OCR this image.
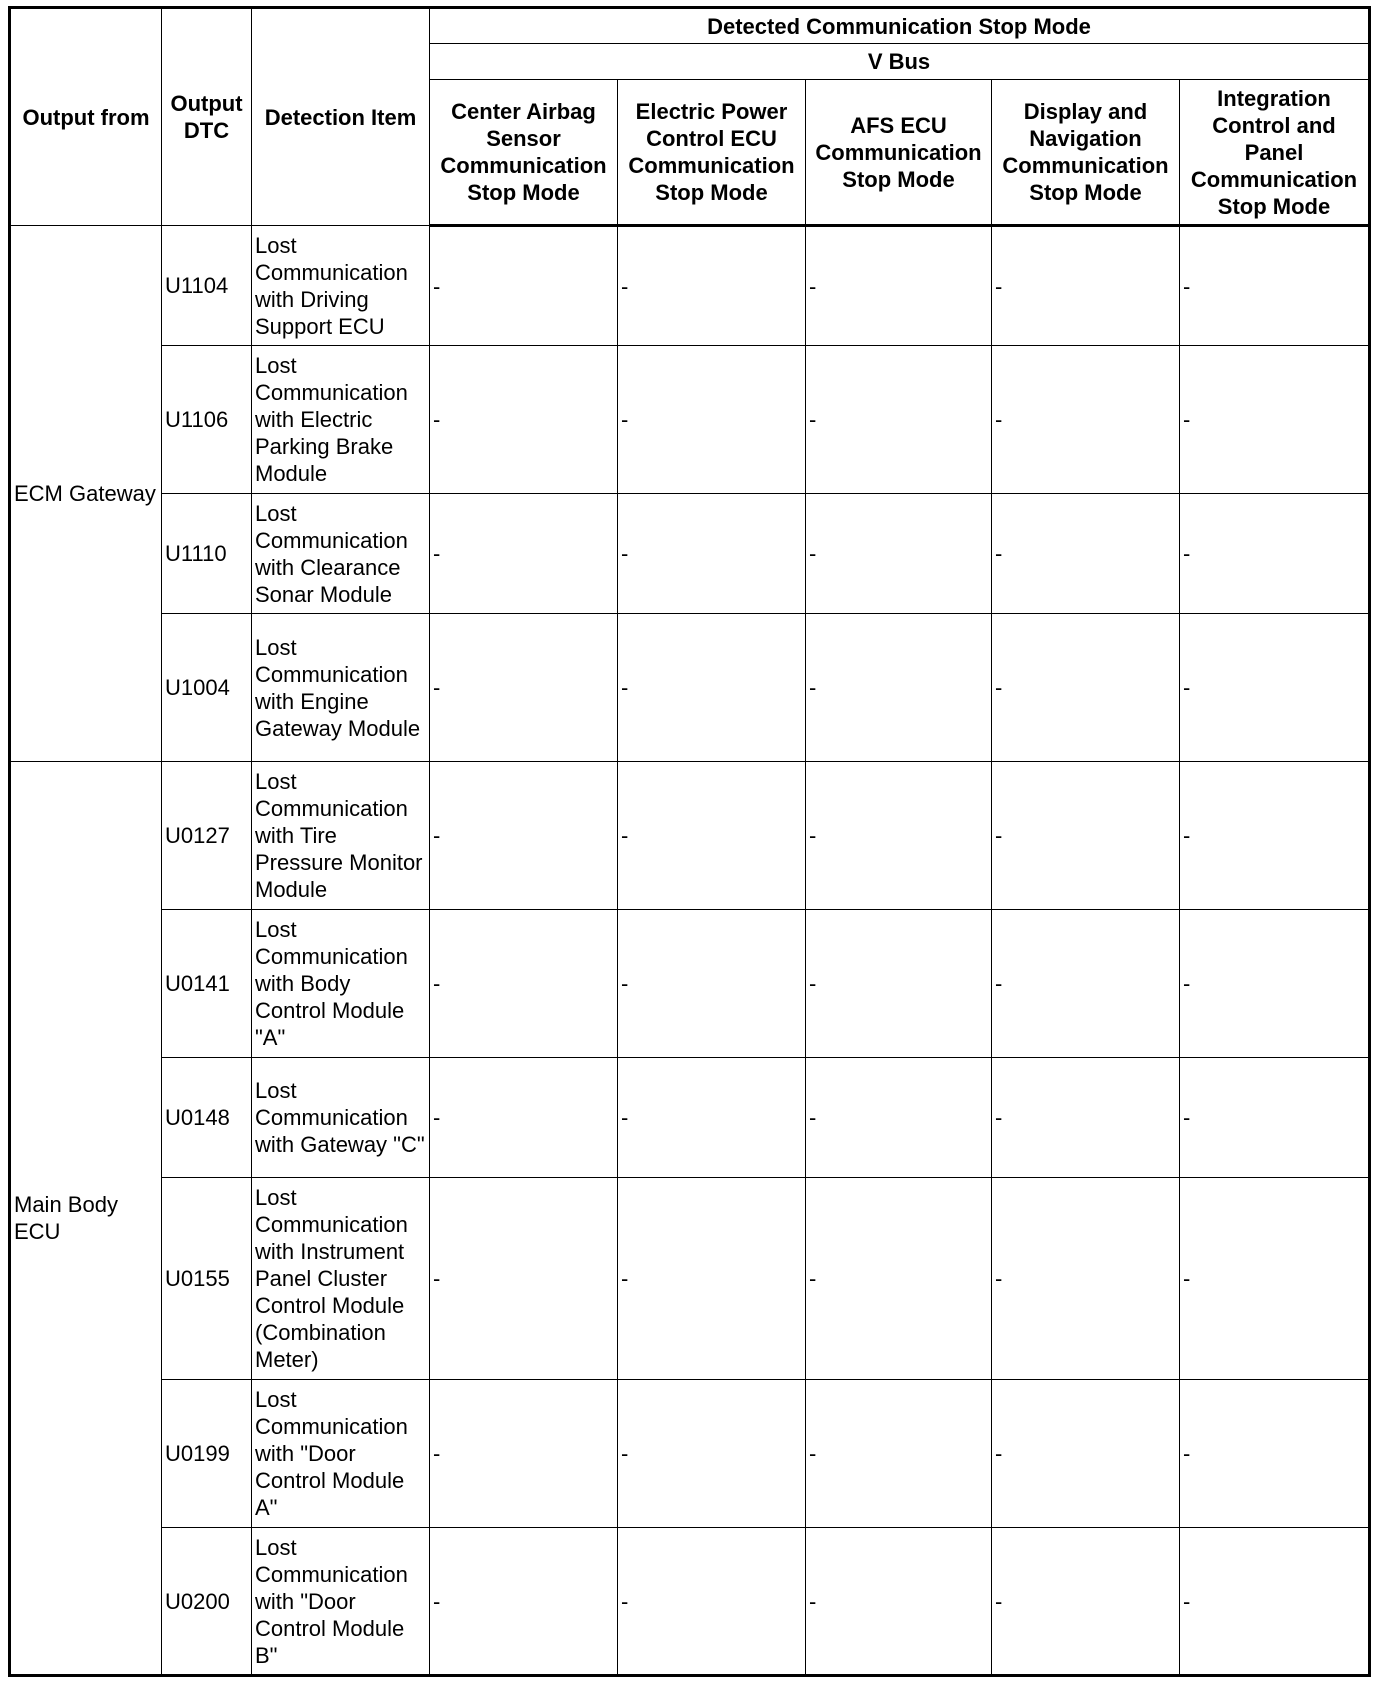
Output from	Output DTC	Detection Item	Detected Communication Stop Mode				
			V Bus				
			Center Airbag Sensor Communication Stop Mode	Electric Power Control ECU Communication Stop Mode	AFS ECU Communication Stop Mode	Display and Navigation Communication Stop Mode	Integration Control and Panel Communication Stop Mode
ECM Gateway	U1104	Lost Communication with Driving Support ECU	-	-	-	-	-
	U1106	Lost Communication with Electric Parking Brake Module	-	-	-	-	-
	U1110	Lost Communication with Clearance Sonar Module	-	-	-	-	-
	U1004	Lost Communication with Engine Gateway Module	-	-	-	-	-
Main Body ECU	U0127	Lost Communication with Tire Pressure Monitor Module	-	-	-	-	-
	U0141	Lost Communication with Body Control Module "A"	-	-	-	-	-
	U0148	Lost Communication with Gateway "C"	-	-	-	-	-
	U0155	Lost Communication with Instrument Panel Cluster Control Module (Combination Meter)	-	-	-	-	-
	U0199	Lost Communication with "Door Control Module A"	-	-	-	-	-
	U0200	Lost Communication with "Door Control Module B"	-	-	-	-	-
